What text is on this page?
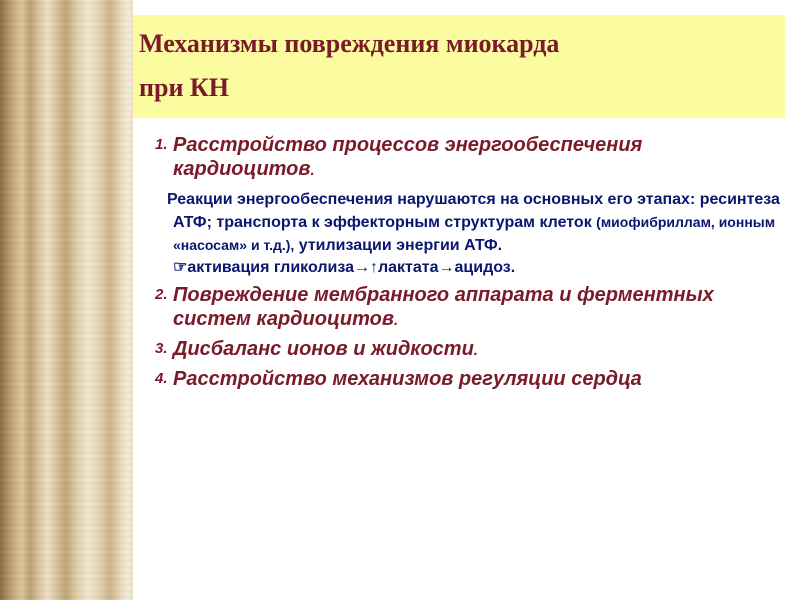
Механизмы повреждения миокарда
при КН
1. Расстройство процессов энергообеспечения кардиоцитов.
Реакции энергообеспечения нарушаются на основных его этапах: ресинтеза АТФ; транспорта к эффекторным структурам клеток (миофибриллам, ионным «насосам» и т.д.), утилизации энергии АТФ.
☞активация гликолиза→↑лактата→ацидоз.
2. Повреждение мембранного аппарата и ферментных систем кардиоцитов.
3. Дисбаланс ионов и жидкости.
4. Расстройство механизмов регуляции сердца
